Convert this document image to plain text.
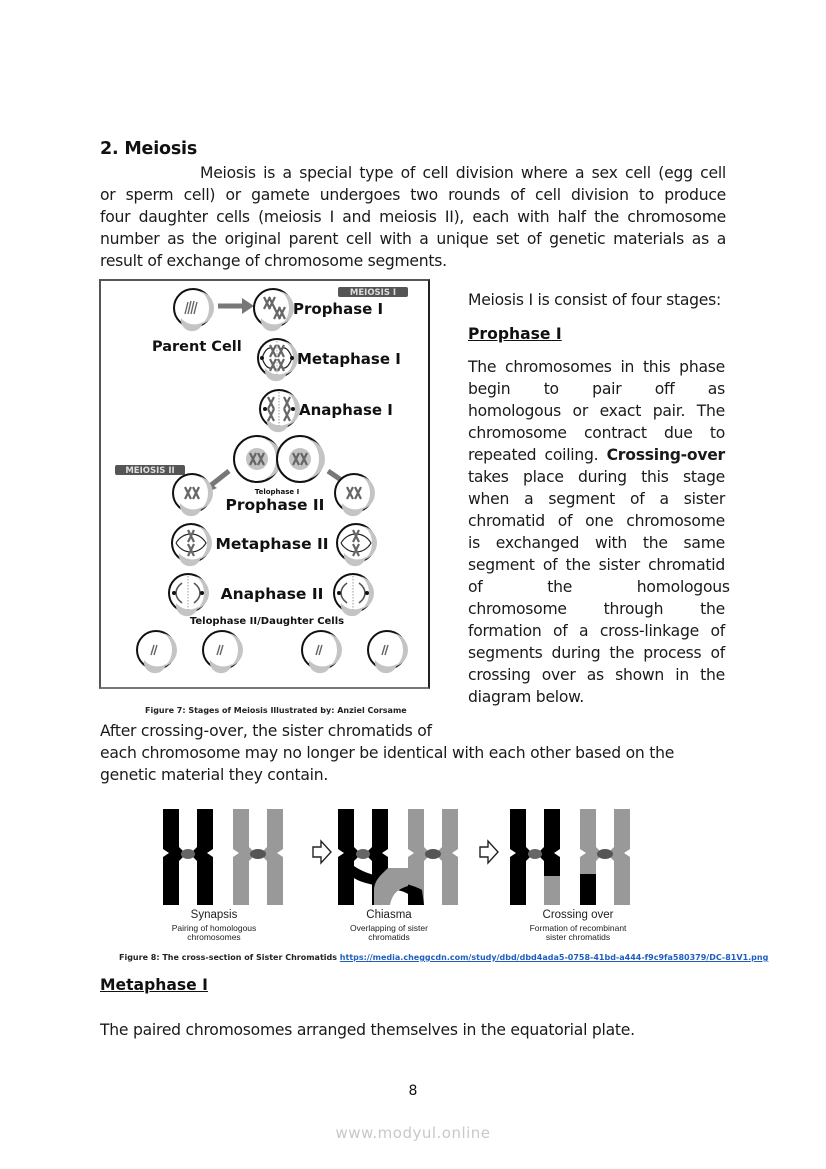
2. Meiosis
Meiosis is a special type of cell division where a sex cell (egg cell
or sperm cell) or gamete undergoes two rounds of cell division to produce
four daughter cells (meiosis I and meiosis II), each with half the chromosome
number as the original parent cell with a unique set of genetic materials as a
result of exchange of chromosome segments.
MEIOSIS I
Prophase I
Parent Cell
Metaphase I
Anaphase I
MEIOSIS II
Telophase I
Prophase II
Metaphase II
Anaphase II
Telophase II/Daughter Cells
Figure 7: Stages of Meiosis Illustrated by: Anziel Corsame
Meiosis I is consist of four stages:
Prophase I
The chromosomes in this phase
begin to pair off as
homologous or exact pair. The
chromosome contract due to
repeated coiling. Crossing-over
takes place during this stage
when a segment of a sister
chromatid of one chromosome
is exchanged with the same
segment of the sister chromatid
of the homologous
chromosome through the
formation of a cross-linkage of
segments during the process of
crossing over as shown in the
diagram below.
After crossing-over, the sister chromatids of
each chromosome may no longer be identical with each other based on the
genetic material they contain.
Synapsis
Pairing of homologous
chromosomes
Chiasma
Overlapping of sister
chromatids
Crossing over
Formation of recombinant
sister chromatids
Figure 8: The cross-section of Sister Chromatids https://media.cheggcdn.com/study/dbd/dbd4ada5-0758-41bd-a444-f9c9fa580379/DC-81V1.png
Metaphase I
The paired chromosomes arranged themselves in the equatorial plate.
8
www.modyul.online
